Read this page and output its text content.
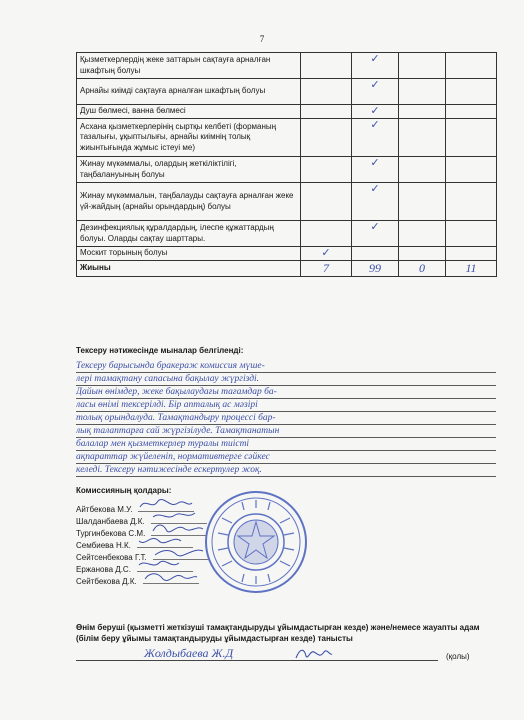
7
Қызметкерлердің жеке заттарын сақтауға арналған шкафтың болуы		✓		
Арнайы киімді сақтауға арналған шкафтың болуы		✓		
Душ бөлмесі, ванна бөлмесі		✓		
Асхана қызметкерлерінің сыртқы келбеті (форманың тазалығы, ұқыптылығы, арнайы киімнің толық жиынтығында жұмыс істеуі ме)		✓		
Жинау мүкәммалы, олардың жеткіліктілігі, таңбалануының болуы		✓		
Жинау мүкәммалын, таңбалауды сақтауға арналған жеке үй-жайдың (арнайы орындардың) болуы		✓		
Дезинфекциялық құралдардың, ілеспе құжаттардың болуы. Оларды сақтау шарттары.		✓		
Москит торының болуы	✓			
Жиыны	7	99	0	11
Тексеру нәтижесінде мыналар белгіленді:
Тексеру барысында бракераж комиссия мүше-
лері тамақтану сапасына бақылау жүргізді.
Дайын өнімдер, жеке бақылаудағы тағамдар ба-
ласы өнімі тексерілді. Бір апталық ас мәзірі
толық орындалуда. Тамақтандыру процессі бар-
лық талаптарға сай жүргізілуде. Тамақтанатын
балалар мен қызметкерлер туралы тиісті
ақпараттар жүйеленіп, нормативтерге сәйкес
келеді. Тексеру нәтижесінде ескертулер жоқ.
Комиссияның қолдары:
Айтбекова М.У.
Шалданбаева Д.К.
Тургинбекова С.М.
Сембиева Н.К.
Сейтсенбекова Г.Т.
Ержанова Д.С.
Сейтбекова Д.К.
Өнім беруші (қызметті жеткізуші тамақтандыруды ұйымдастырған кезде) және/немесе жауапты адам (білім беру ұйымы тамақтандыруды ұйымдастырған кезде) танысты
Жолдыбаева Ж.Д	(қолы)
